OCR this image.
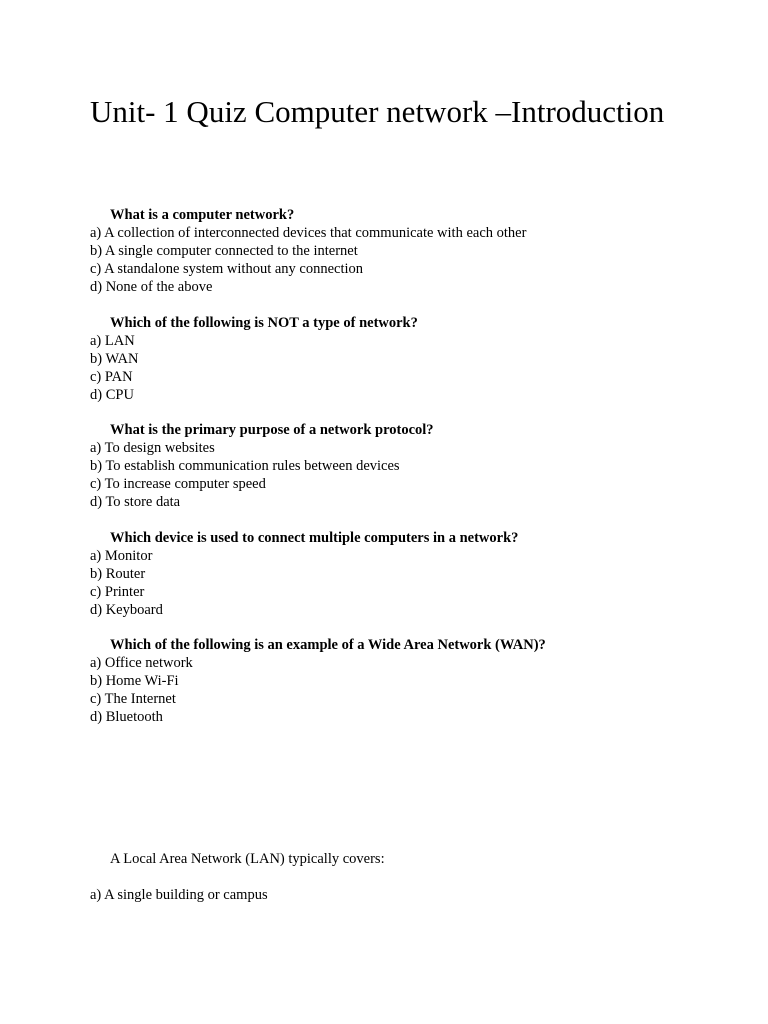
Unit- 1 Quiz Computer network –Introduction
What is a computer network?
a) A collection of interconnected devices that communicate with each other
b) A single computer connected to the internet
c) A standalone system without any connection
d) None of the above
Which of the following is NOT a type of network?
a) LAN
b) WAN
c) PAN
d) CPU
What is the primary purpose of a network protocol?
a) To design websites
b) To establish communication rules between devices
c) To increase computer speed
d) To store data
Which device is used to connect multiple computers in a network?
a) Monitor
b) Router
c) Printer
d) Keyboard
Which of the following is an example of a Wide Area Network (WAN)?
a) Office network
b) Home Wi-Fi
c) The Internet
d) Bluetooth
A Local Area Network (LAN) typically covers:
a) A single building or campus
